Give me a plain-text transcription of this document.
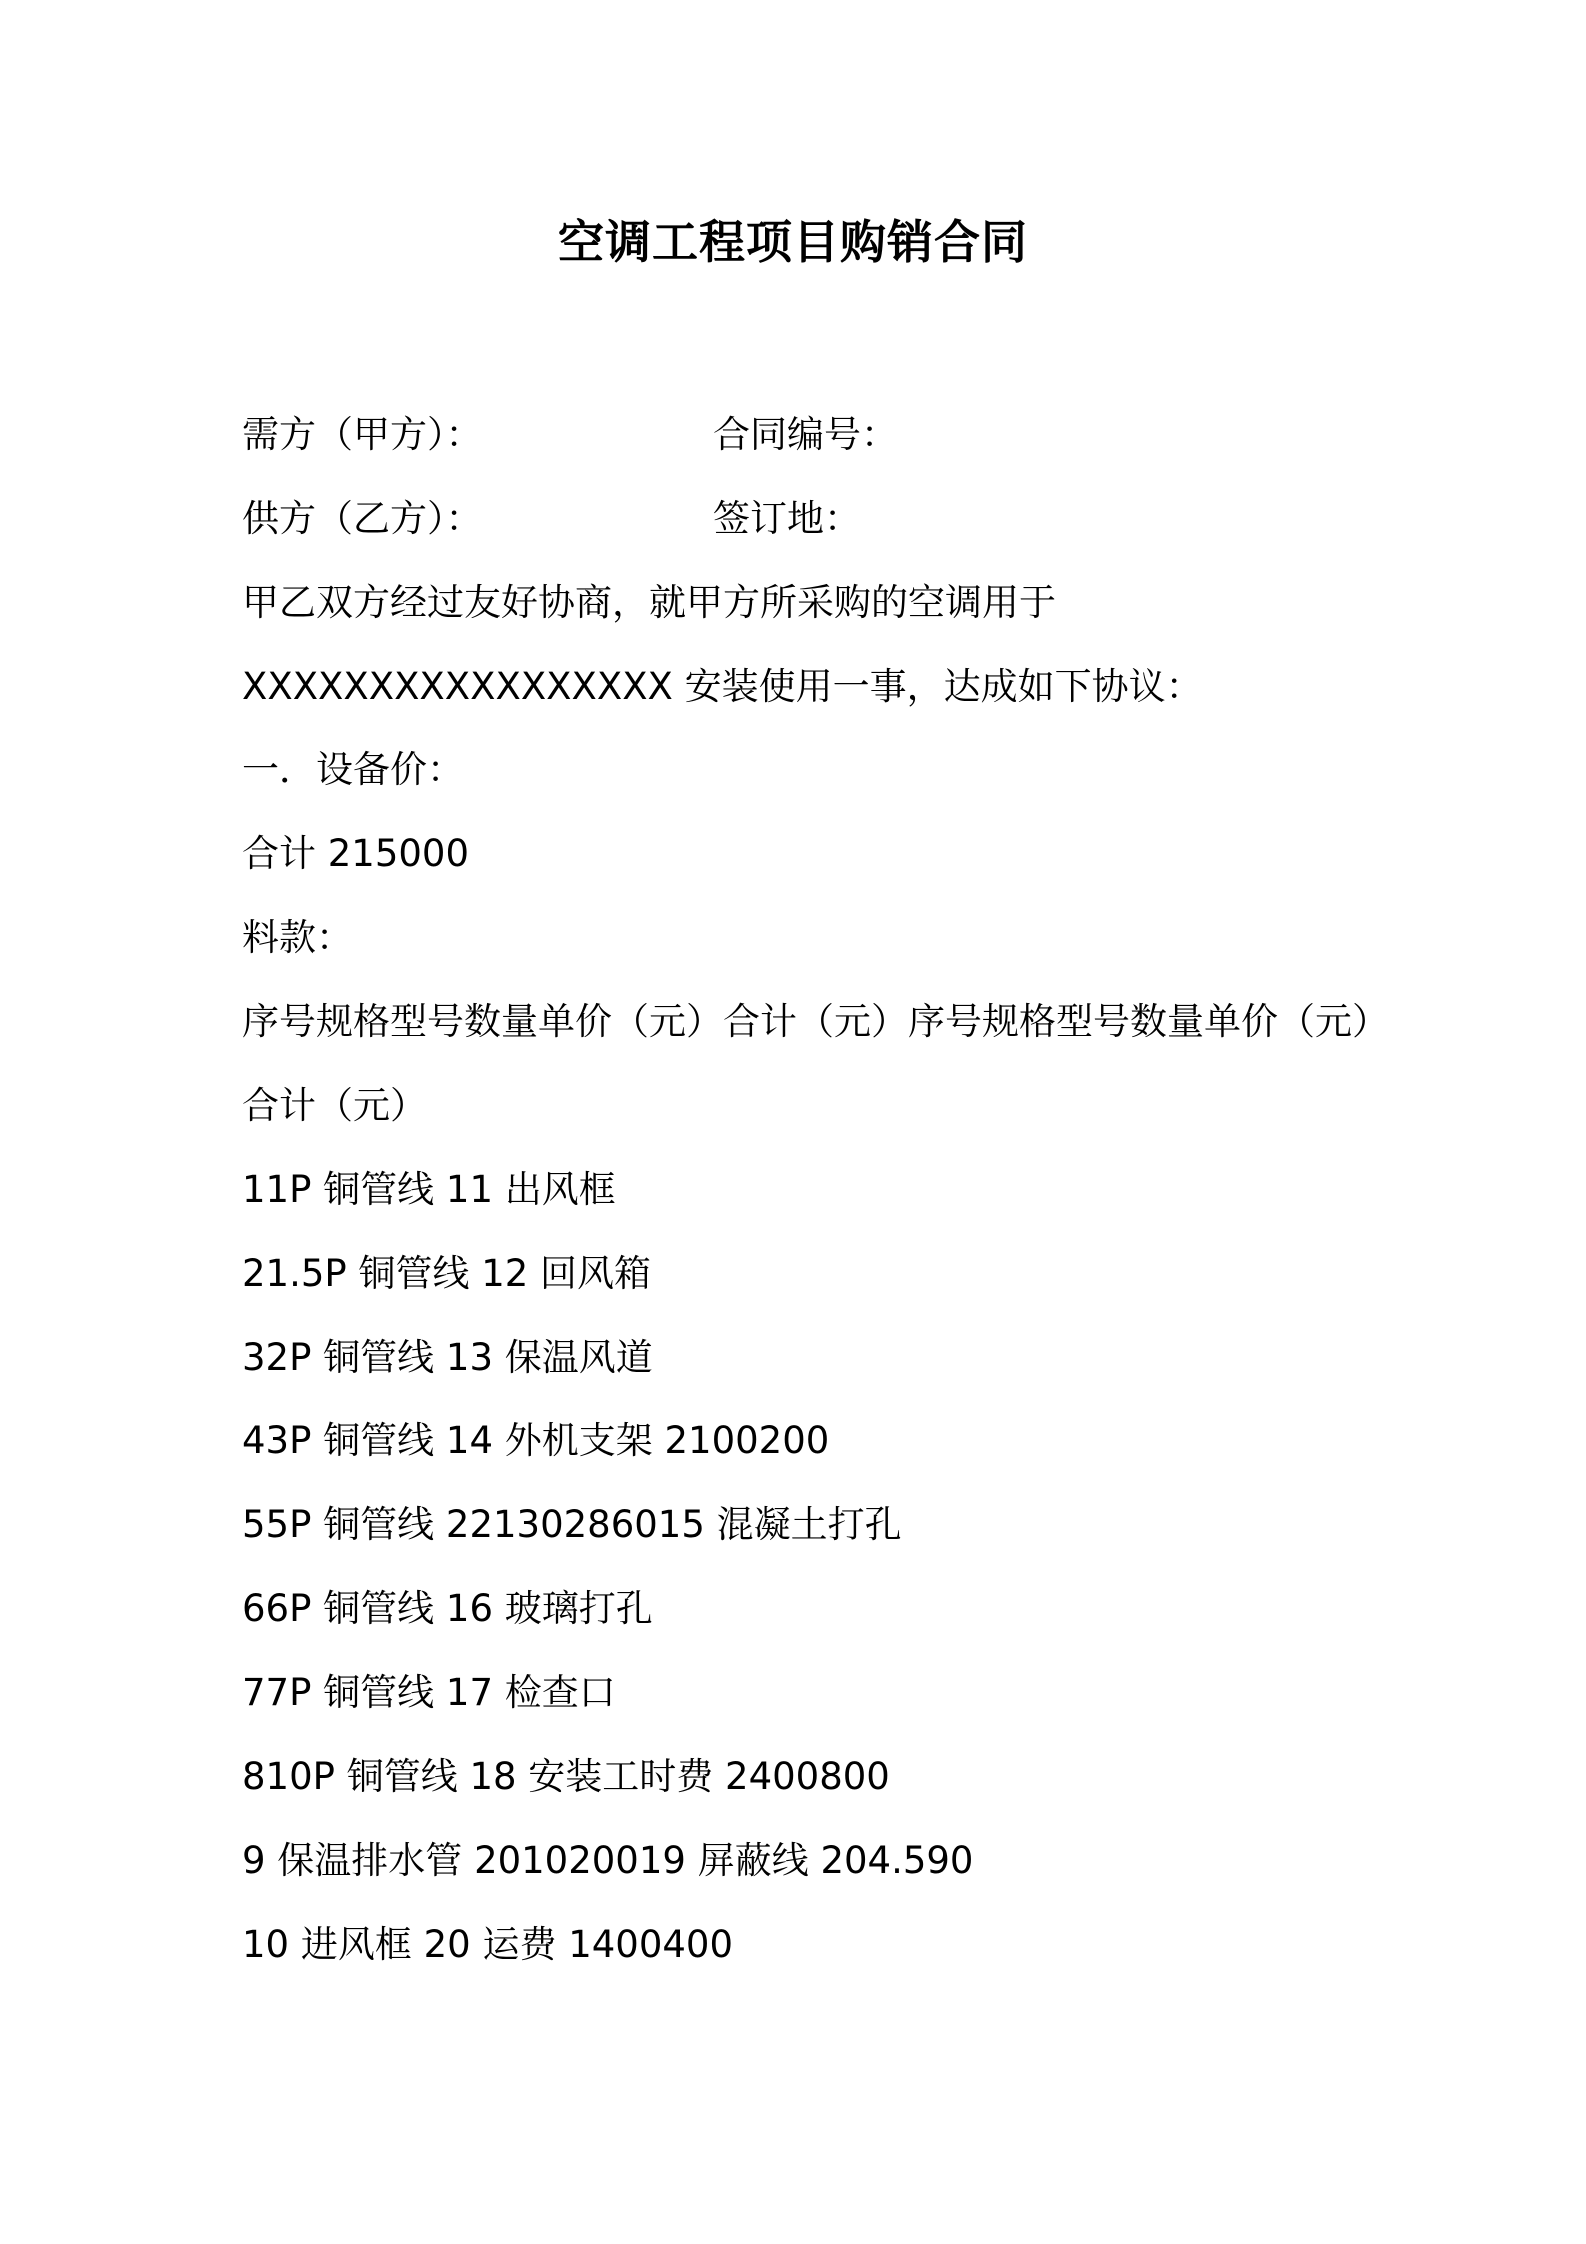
空调工程项目购销合同
需方（甲方）：	合同编号：
供方（乙方）：	签订地：
甲乙双方经过友好协商，就甲方所采购的空调用于
XXXXXXXXXXXXXXXXX 安装使用一事，达成如下协议：
一．设备价：
合计 215000
料款：
序号规格型号数量单价（元）合计（元）序号规格型号数量单价（元）
合计（元）
11P 铜管线 11 出风框
21.5P 铜管线 12 回风箱
32P 铜管线 13 保温风道
43P 铜管线 14 外机支架 2100200
55P 铜管线 22130286015 混凝土打孔
66P 铜管线 16 玻璃打孔
77P 铜管线 17 检查口
810P 铜管线 18 安装工时费 2400800
9 保温排水管 201020019 屏蔽线 204.590
10 进风框 20 运费 1400400
